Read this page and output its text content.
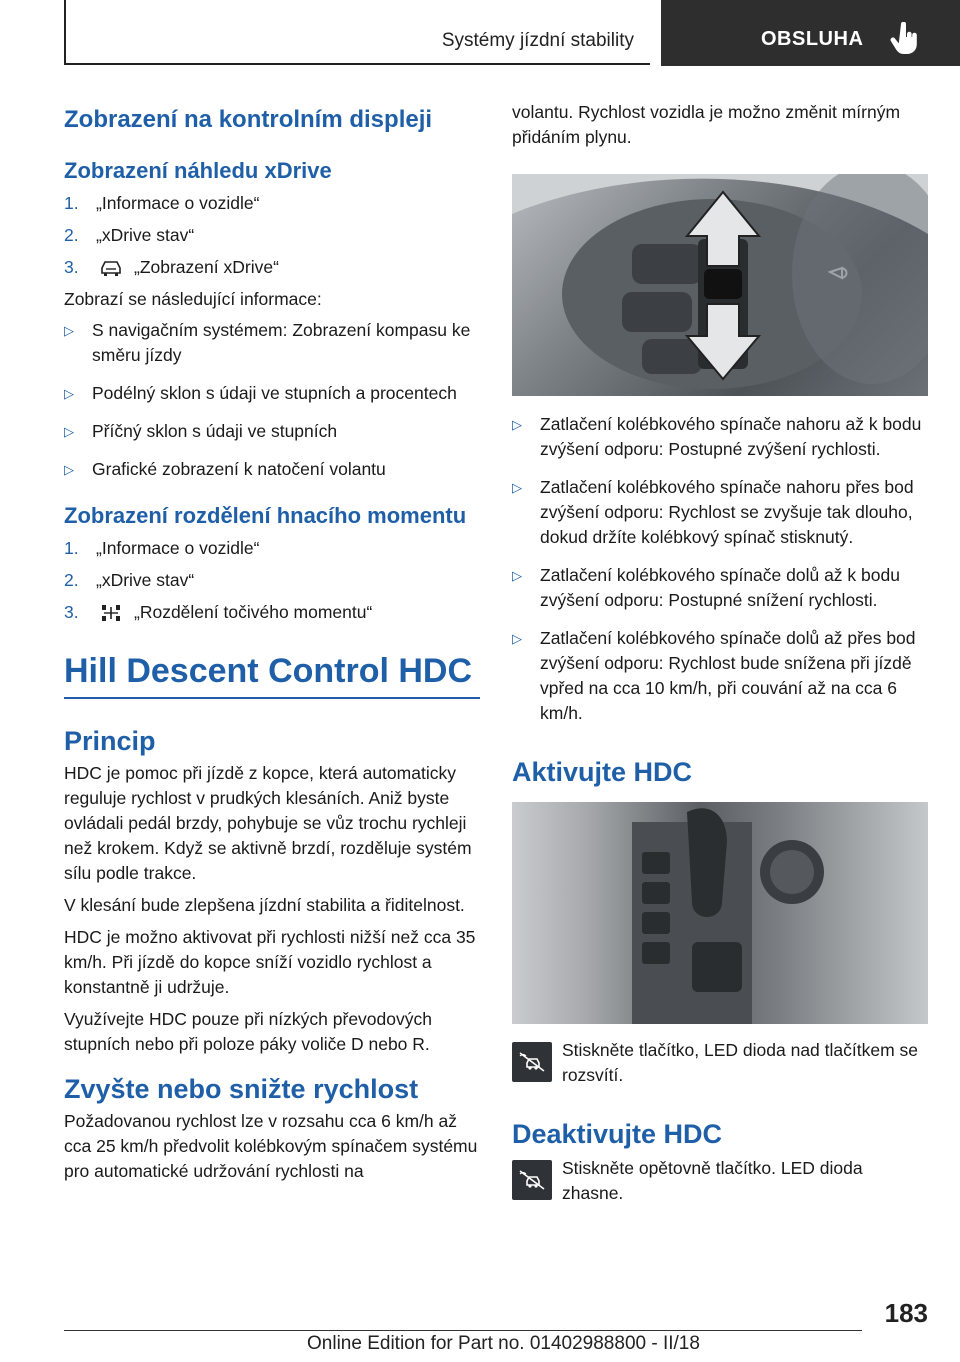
Systémy jízdní stability	OBSLUHA
Zobrazení na kontrolním displeji
Zobrazení náhledu xDrive
1. „Informace o vozidle“
2. „xDrive stav“
3.	„Zobrazení xDrive“

Zobrazí se následující informace:

▷	S navigačním systémem: Zobrazení kompasu ke směru jízdy
▷	Podélný sklon s údaji ve stupních a procentech
▷	Příčný sklon s údaji ve stupních
▷	Grafické zobrazení k natočení volantu
Zobrazení rozdělení hnacího momentu
1. „Informace o vozidle“
2. „xDrive stav“
3.	„Rozdělení točivého momentu“
Hill Descent Control HDC
Princip

HDC je pomoc při jízdě z kopce, která automaticky reguluje rychlost v prudkých klesáních. Aniž byste ovládali pedál brzdy, pohybuje se vůz trochu rychleji než krokem. Když se aktivně brzdí, rozděluje systém sílu podle trakce.

V klesání bude zlepšena jízdní stabilita a řiditelnost.

HDC je možno aktivovat při rychlosti nižší než cca 35 km/h. Při jízdě do kopce sníží vozidlo rychlost a konstantně ji udržuje.

Využívejte HDC pouze při nízkých převodových stupních nebo při poloze páky voliče D nebo R.

Zvyšte nebo snižte rychlost

Požadovanou rychlost lze v rozsahu cca 6 km/h až cca 25 km/h předvolit kolébkovým spínačem systému pro automatické udržování rychlosti na

volantu. Rychlost vozidla je možno změnit mírným přidáním plynu.

▷	Zatlačení kolébkového spínače nahoru až k bodu zvýšení odporu: Postupné zvýšení rychlosti.
▷	Zatlačení kolébkového spínače nahoru přes bod zvýšení odporu: Rychlost se zvyšuje tak dlouho, dokud držíte kolébkový spínač stisknutý.
▷	Zatlačení kolébkového spínače dolů až k bodu zvýšení odporu: Postupné snížení rychlosti.
▷	Zatlačení kolébkového spínače dolů až přes bod zvýšení odporu: Rychlost bude snížena při jízdě vpřed na cca 10 km/h, při couvání až na cca 6 km/h.
Aktivujte HDC

Stiskněte tlačítko, LED dioda nad tlačítkem se rozsvítí.

Deaktivujte HDC

Stiskněte opětovně tlačítko. LED dioda zhasne.

183
Online Edition for Part no. 01402988800 - II/18
